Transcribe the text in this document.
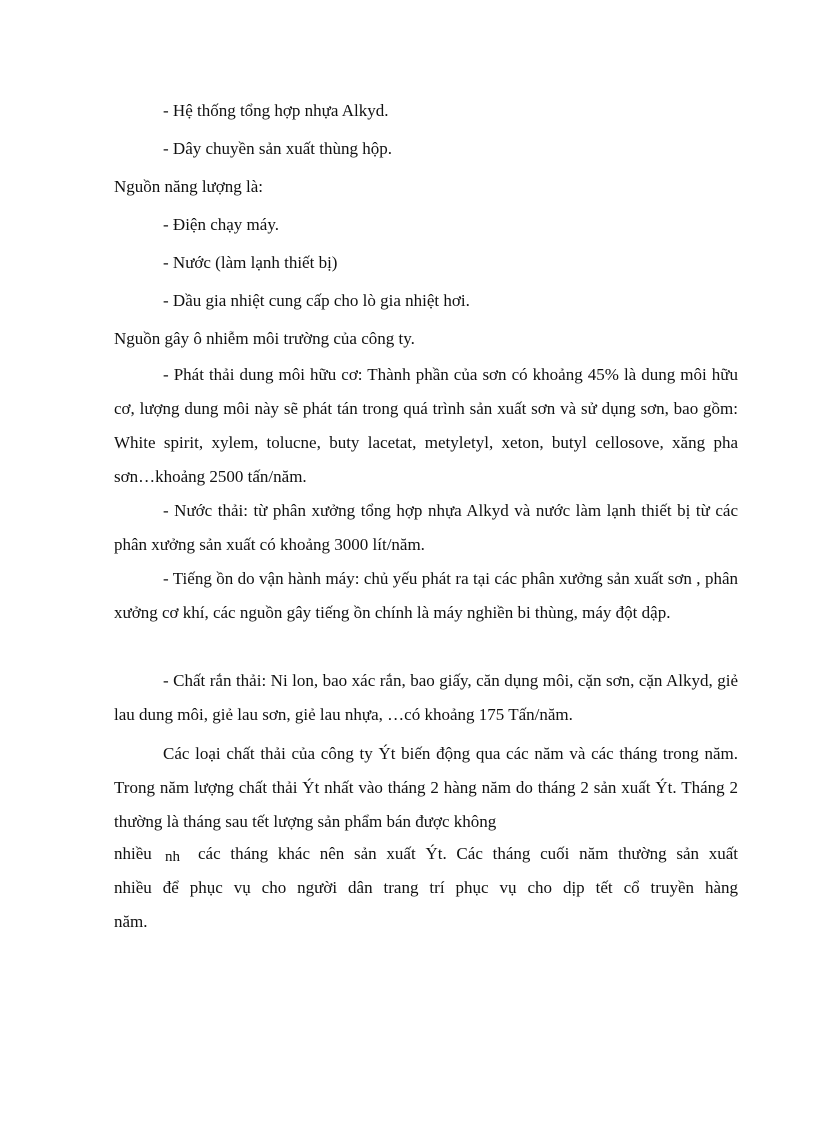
- Hệ thống tổng hợp nhựa Alkyd.

- Dây chuyền sản xuất thùng hộp.

Nguồn năng lượng là:

- Điện chạy máy.

- Nước (làm lạnh thiết bị)

- Dầu gia nhiệt cung cấp cho lò gia nhiệt hơi.

Nguồn gây ô nhiễm môi trường của công ty.

- Phát thải dung môi hữu cơ: Thành phần của sơn có khoảng 45% là dung môi hữu cơ, lượng dung môi này sẽ phát tán trong quá trình sản xuất sơn và sử dụng sơn, bao gồm: White spirit, xylem, tolucne, buty lacetat, metyletyl, xeton, butyl cellosove, xăng pha sơn…khoảng 2500 tấn/năm.

- Nước thải: từ phân xưởng tổng hợp nhựa Alkyd và nước làm lạnh thiết bị từ các phân xưởng sản xuất có khoảng 3000 lít/năm.

- Tiếng ồn do vận hành máy: chủ yếu phát ra tại các phân xưởng sản xuất sơn , phân xưởng cơ khí, các nguồn gây tiếng ồn chính là máy nghiền bi thùng, máy đột dập.

- Chất rắn thải: Ni lon, bao xác rắn, bao giấy, căn dụng môi, cặn sơn, cặn Alkyd, giẻ lau dung môi, giẻ lau sơn, giẻ lau nhựa, …có khoảng 175 Tấn/năm.

Các loại chất thải của công ty Ýt biến động qua các năm và các tháng trong năm. Trong năm lượng chất thải Ýt nhất vào tháng 2 hàng năm do tháng 2 sản xuất Ýt. Tháng 2 thường là tháng sau tết lượng sản phẩm bán được không

nhiều nh các tháng khác nên sản xuất Ýt. Các tháng cuối năm thường sản xuất

nhiều để phục vụ cho người dân trang trí phục vụ cho dịp tết cổ truyền hàng

năm.
